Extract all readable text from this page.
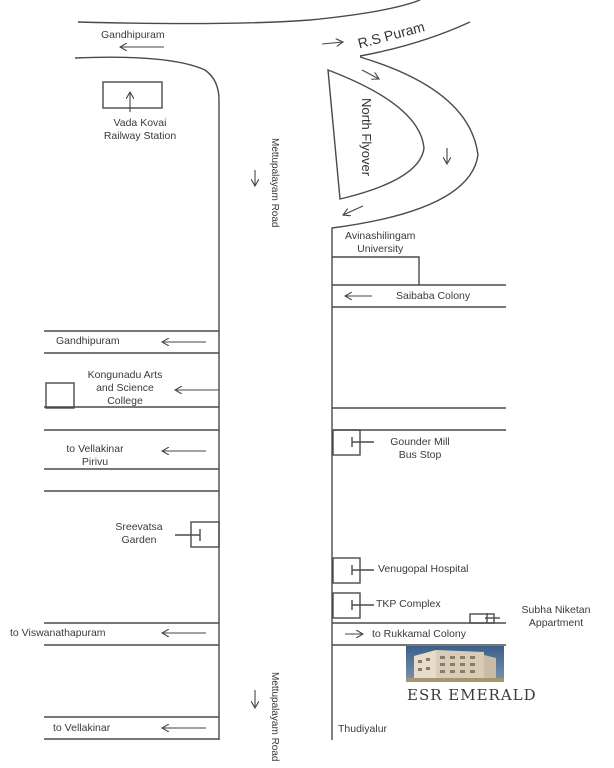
Gandhipuram	R.S Puram
North Flyover
Vada Kovai
Railway Station
Mettupalayam Road
Mettupalayam Road
Gandhipuram
Kongunadu Arts
and Science
College
to Vellakinar
Pirivu
Sreevatsa
Garden
to Viswanathapuram
to Vellakinar
Avinashilingam
University
Saibaba Colony
Gounder Mill
Bus Stop
Venugopal Hospital
TKP Complex	Subha Niketan
Appartment
to Rukkamal Colony
Thudiyalur
ESR EMERALD
